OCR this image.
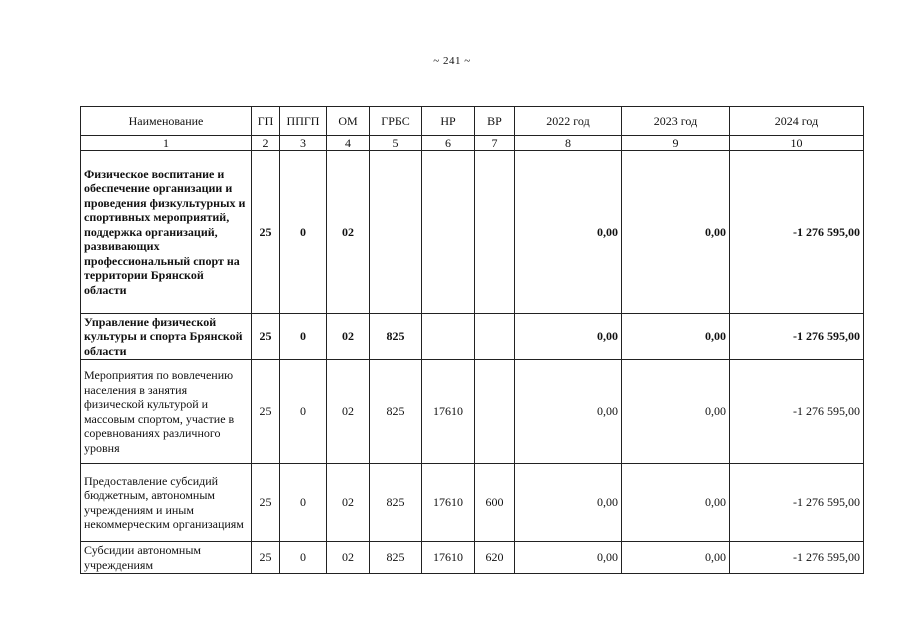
~ 241 ~
Наименование	ГП	ППГП	ОМ	ГРБС	НР	ВР	2022 год	2023 год	2024 год
1	2	3	4	5	6	7	8	9	10
Физическое воспитание и обеспечение организации и проведения физкультурных и спортивных мероприятий, поддержка организаций, развивающих профессиональный спорт на территории Брянской области	25	0	02				0,00	0,00	-1 276 595,00
Управление физической культуры и спорта Брянской области	25	0	02	825			0,00	0,00	-1 276 595,00
Мероприятия по вовлечению населения в занятия физической культурой и массовым спортом, участие в соревнованиях различного уровня	25	0	02	825	17610		0,00	0,00	-1 276 595,00
Предоставление субсидий бюджетным, автономным учреждениям и иным некоммерческим организациям	25	0	02	825	17610	600	0,00	0,00	-1 276 595,00
Субсидии автономным учреждениям	25	0	02	825	17610	620	0,00	0,00	-1 276 595,00
